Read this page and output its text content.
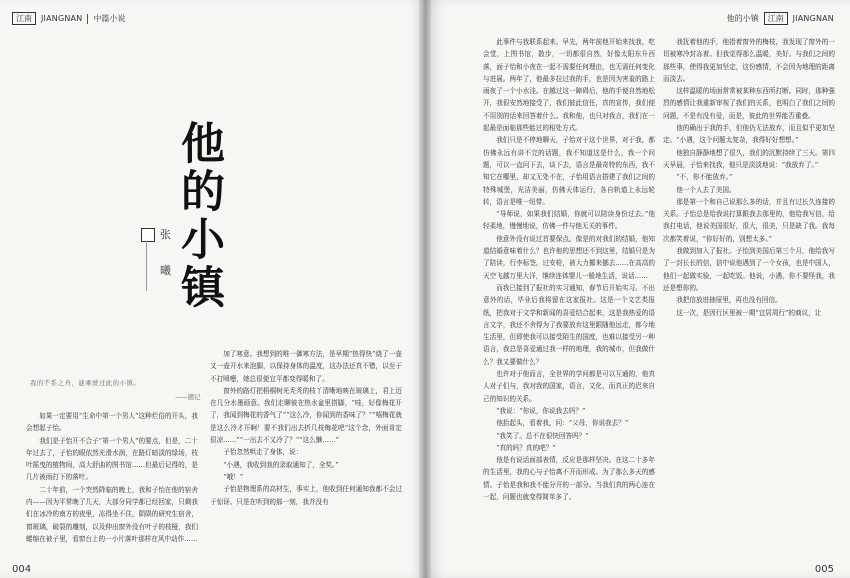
江南	JIANGNAN 中篇小说
他的小镇
张
曦
我的不系之舟，谜乘驶过此的小镇。
——题记

如果一定要用“生命中第一个男人”这种烂俗的开头，我会想起子怡。

我们是子怡开不合子“第一个男人”的要点，但是，二十年过去了，子怡的眼依然光滑水润，在路灯暗淡的绿场，枝叶摇曳的植物间，高大舒曲的图书馆……但最后记得的，是几片被雨打下的落叶。

二十年前，一个突然降临的晚上，我和子怡在他的宿舍内——因为平常晚了几天，大部分同学都已经回家，只剩我们在冰冷的南方的夜里，冻得坐不住，陨陨的研究生宿舍，窗玻璃，破裂的雕刻，以及伸出窗外没有叶子的枝桠，我们蜷缩在被子里，看窗台上的一小片落叶那样在风中动作……

加了寒意。我想到的唯一御寒方法，是早期“热得快”烧了一壶又一壶开水来泡脚，以保持身体的温度，这办法还真不错，以至于不打喷嚏，她总很便宜平都变得暖和了。

窗外的路灯把梧桐树光秃秃的枝丫清晰地映在玻璃上，君上近在几分水墨画意。我们走聊彼在热水盆里搭脚，“哇，好像梅花开了，我闻到梅花的香气了”“这么冷，你闻到的香味了？”“嘻梅花就是这么冷才开啊！要不我们出去折几枝梅花吧”这个念，外面肯定很凉……”“一出去不又冷了？”“这么懒……”

子怡忽然哄走了身体，说：

“小遇，我收到我的录取通知了，全奖。”

“哦！”

子怡是物理系的高材生，事实上，他收到任何通知我都不会过于惊讶。只是在听到的那一刻，我并没有

004
他的小镇	江南	JIANGNAN

此事件与我联系起来。早先，两年前他开始来找我，吃会堂，上图书馆，散步，一切都很自然，好像太阳东升西落，面子怡和小夜在一起不需要任何理由，也无需任何变化与进展。两年了，他最多拉过我的手，也是因为害羞的路上雨夜了一个小水洼。在越过这一障碍后，他的手便自然地松开，我很安然地接受了，我们彼此信任，真的宣传，我们便不用别的话来回答着什么。我和他，也只对我言，我们在一起最是面临那些能过的相处方式。

我们只是不停地聊天，子怡对于这个世界，对于我，都仿佛永远有讲不完的话题，我不知道这是什么，我一个问题，可以一直问下去，谈下去，语言是最奇特的东西，我不知它在哪里，却又无处不在，子怡用语言搭建了我们之间的特殊城堡，光洁美丽，仿佛天体运行，各自轨道上永远轮转，语言是唯一纽带。

“导师说，如果我们结婚，你就可以陪读身份过去。”他轻柔地，慢慢地说，仿佛一件与他无关的事件。

他意外没有说过首要保点。像是的对我们的结婚，他知道结婚意味着什么？也许他的思想还不到这里，结婚只是为了陪读，行李标签，过安检，被大力挪来挪去……在高高的天空飞越万里大洋，继续连体婴儿一般地生活，说话……

而我已接到了报社的实习通知，春节后开始实习。不出意外的话，毕业后我将留在这家报社。这是一个文艺类报纸，把我对于文学和新闻的喜爱结合起来，这是我热爱的语言文字，我还不舍得为了我要放弃这里跟随他远走，都今地生活里，但即使我可以接受陌生的国度，也难以接受另一种语言，我总是喜爱通过我一样的地理，我的城市，但我做什么？我又要做什么？

也许对于他而言，全世界的学问都是可以互通的，他真人对子们与，我对我的国家，语言，文化，而真正的迟来自己的知识的关系。

“我说：“你说，你说我去吗？”

他抬起头，看着我，问：“父母，你说我去？”

“我笑了。总不在很快回答吗？”

“真的吗？真的吧？”

他是有说话面部表情，反应是那样坚决。在这二十多年的生活里，我的心与子怡离不开而形成。为了那么多天的感情。子怡是我和我不能分开的一部分。当我们真的两心连在一起，问题也就变得简单多了。

我抚着他的手，他指着窗外的梅枝，我发现了窗外的一切被寒冷封冻着。但我觉得那么温暖，美好。与我们之间的那些事，使得我更加坚定，这份感情，不会因为地理的距离而淡去。

这样温暖的场面常常被某种东西所打断。同时，那种强烈的感情让我重新审视了我们的关系，也明白了我们之间的问题，不是有没有爱，而是，彼此的世界能否重叠。

他的确出于我的手，但他仍无法放弃，而且似乎更加坚定。“小遇，这个问题太复杂，我得好好想想。”

他独自静静地想了很久，我们的沉默持续了三天。第四天早晨，子怡来找我，他只是淡淡地说：“我放弃了。”

“不，你不能放弃。”

他一个人去了美国。

那是第一个和自己说那么多的话，并且有过长久连接的关系。子怡总是给我说打算跟我去那里的，他给我写信，给我打电话，他说美国很好，很大，很美，只是缺了我。我每次都笑着说，“你好好的，别想太多。”

我做到加入了报社。子怡到美国后第三个月，他给我写了一封长长的信，信中说他遇到了一个女孩，也是中国人，他们一起做实验，一起吃饭。他说，小遇，你不要怪我，我还是想你的。

我把信放进抽屉里，再也没有回信。

这一次，是因行区里被一期“宜居周行”的商议，让

005
